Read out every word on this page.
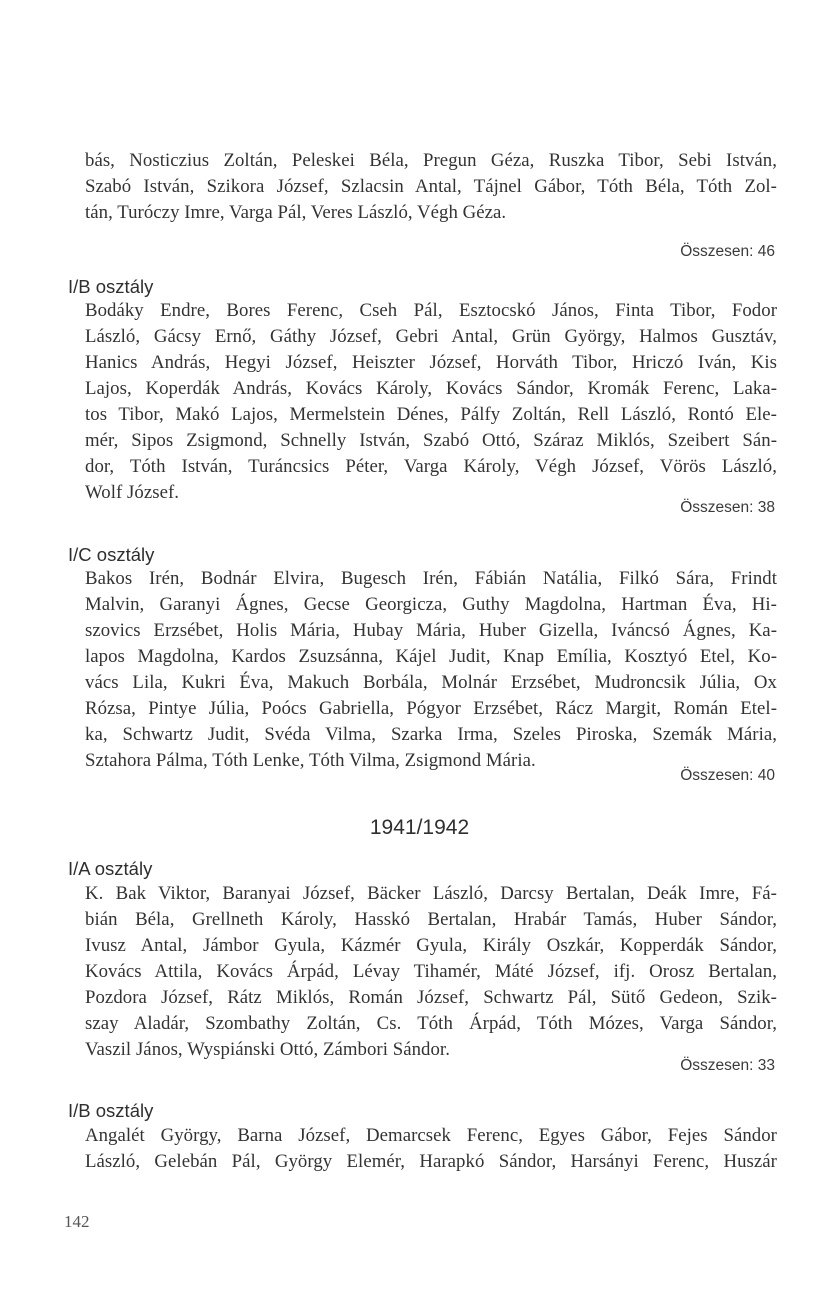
bás, Nosticzius Zoltán, Peleskei Béla, Pregun Géza, Ruszka Tibor, Sebi István,
Szabó István, Szikora József, Szlacsin Antal, Tájnel Gábor, Tóth Béla, Tóth Zol-
tán, Turóczy Imre, Varga Pál, Veres László, Végh Géza.
Összesen: 46
I/B osztály
Bodáky Endre, Bores Ferenc, Cseh Pál, Esztocskó János, Finta Tibor, Fodor
László, Gácsy Ernő, Gáthy József, Gebri Antal, Grün György, Halmos Gusztáv,
Hanics András, Hegyi József, Heiszter József, Horváth Tibor, Hriczó Iván, Kis
Lajos, Koperdák András, Kovács Károly, Kovács Sándor, Kromák Ferenc, Laka-
tos Tibor, Makó Lajos, Mermelstein Dénes, Pálfy Zoltán, Rell László, Rontó Ele-
mér, Sipos Zsigmond, Schnelly István, Szabó Ottó, Száraz Miklós, Szeibert Sán-
dor, Tóth István, Turáncsics Péter, Varga Károly, Végh József, Vörös László,
Wolf József.
Összesen: 38
I/C osztály
Bakos Irén, Bodnár Elvira, Bugesch Irén, Fábián Natália, Filkó Sára, Frindt
Malvin, Garanyi Ágnes, Gecse Georgicza, Guthy Magdolna, Hartman Éva, Hi-
szovics Erzsébet, Holis Mária, Hubay Mária, Huber Gizella, Iváncsó Ágnes, Ka-
lapos Magdolna, Kardos Zsuzsánna, Kájel Judit, Knap Emília, Kosztyó Etel, Ko-
vács Lila, Kukri Éva, Makuch Borbála, Molnár Erzsébet, Mudroncsik Júlia, Ox
Rózsa, Pintye Júlia, Poócs Gabriella, Pógyor Erzsébet, Rácz Margit, Román Etel-
ka, Schwartz Judit, Svéda Vilma, Szarka Irma, Szeles Piroska, Szemák Mária,
Sztahora Pálma, Tóth Lenke, Tóth Vilma, Zsigmond Mária.
Összesen: 40
1941/1942
I/A osztály
K. Bak Viktor, Baranyai József, Bäcker László, Darcsy Bertalan, Deák Imre, Fá-
bián Béla, Grellneth Károly, Hasskó Bertalan, Hrabár Tamás, Huber Sándor,
Ivusz Antal, Jámbor Gyula, Kázmér Gyula, Király Oszkár, Kopperdák Sándor,
Kovács Attila, Kovács Árpád, Lévay Tihamér, Máté József, ifj. Orosz Bertalan,
Pozdora József, Rátz Miklós, Román József, Schwartz Pál, Sütő Gedeon, Szik-
szay Aladár, Szombathy Zoltán, Cs. Tóth Árpád, Tóth Mózes, Varga Sándor,
Vaszil János, Wyspiánski Ottó, Zámbori Sándor.
Összesen: 33
I/B osztály
Angalét György, Barna József, Demarcsek Ferenc, Egyes Gábor, Fejes Sándor
László, Gelebán Pál, György Elemér, Harapkó Sándor, Harsányi Ferenc, Huszár
142
